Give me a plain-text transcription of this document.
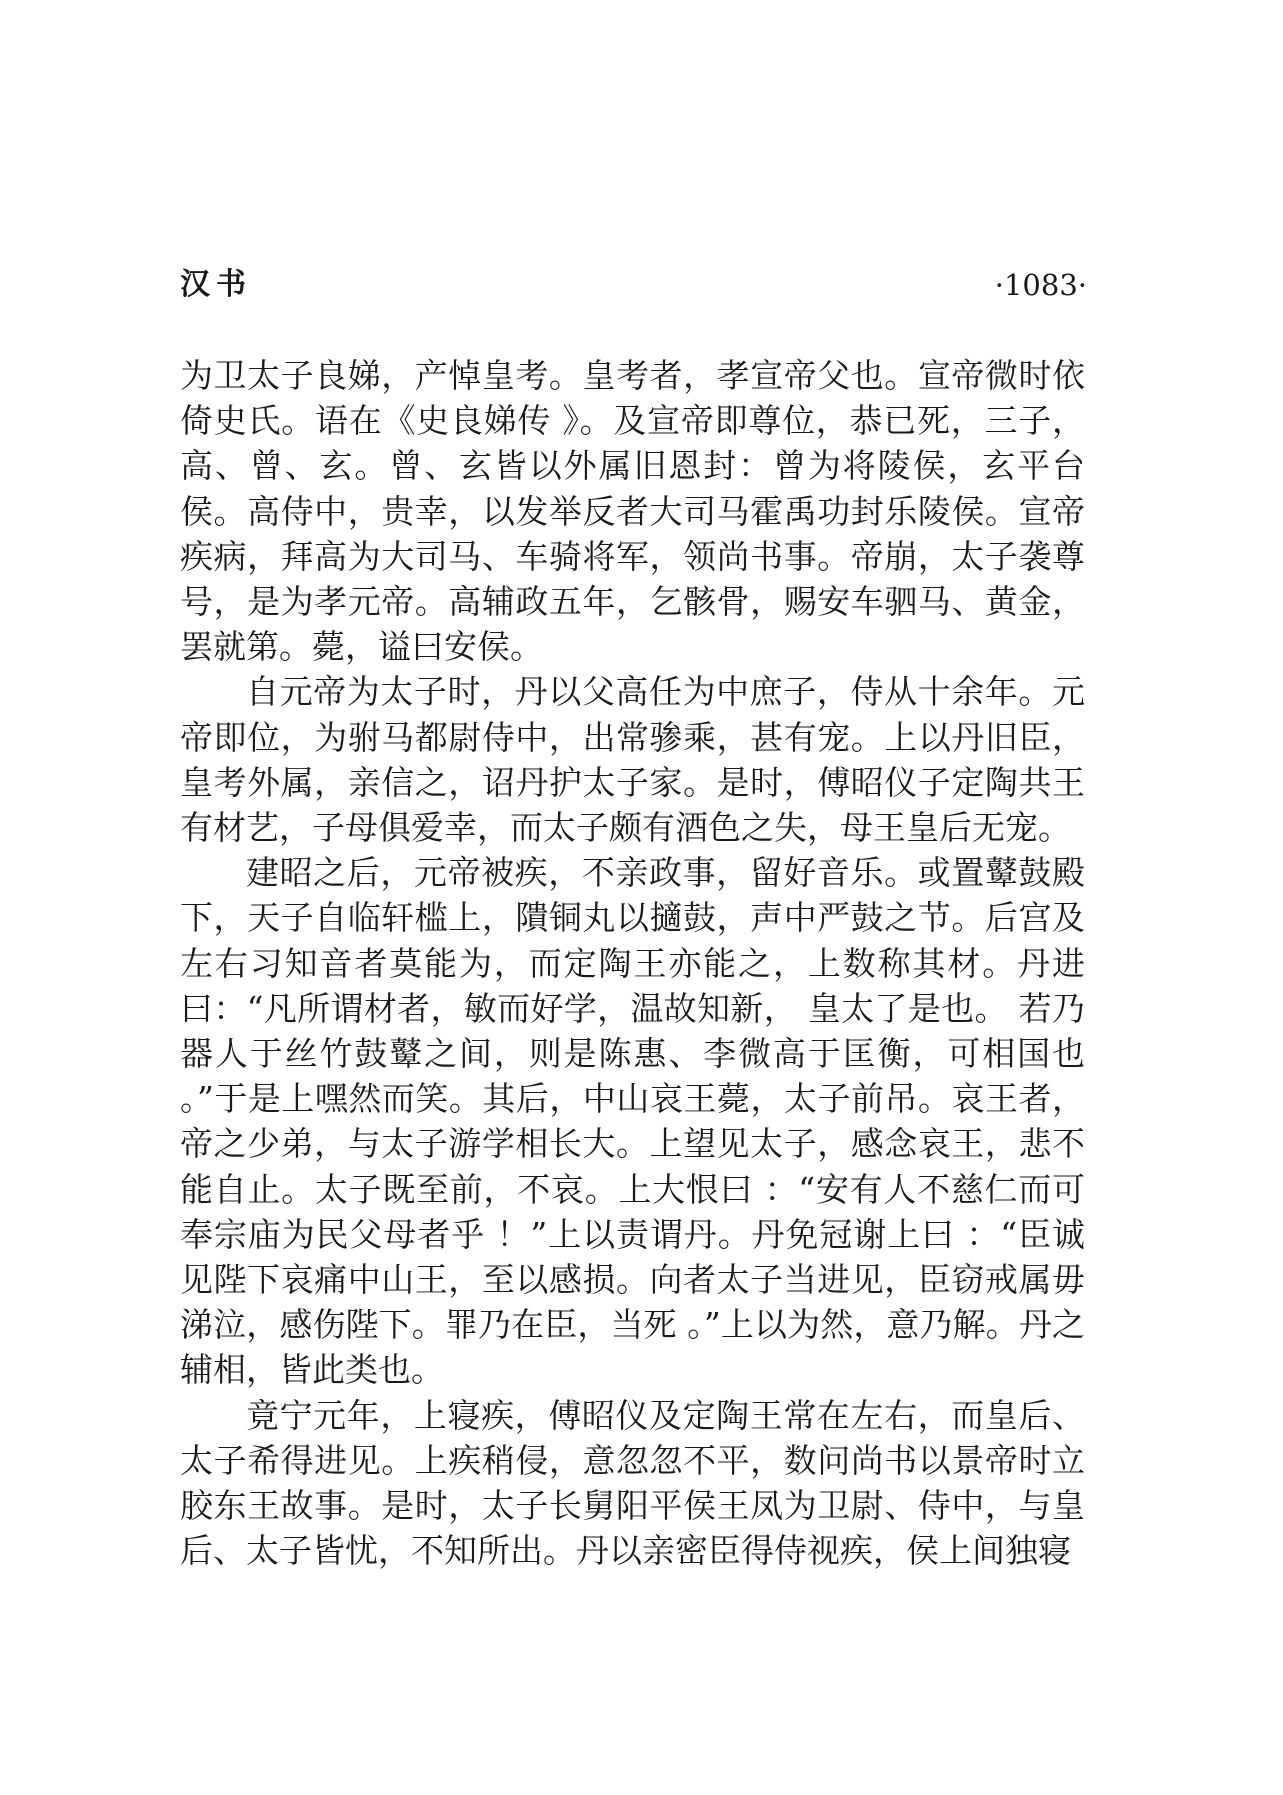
汉书	·1083·

为卫太子良娣，产悼皇考。皇考者，孝宣帝父也。宣帝微时依倚史氏。语在《史良娣传 》。及宣帝即尊位，恭已死，三子，高、曾、玄。曾、玄皆以外属旧恩封：曾为将陵侯，玄平台侯。高侍中，贵幸，以发举反者大司马霍禹功封乐陵侯。宣帝疾病，拜高为大司马、车骑将军，领尚书事。帝崩，太子袭尊号，是为孝元帝。高辅政五年，乞骸骨，赐安车驷马、黄金，罢就第。薨，谥曰安侯。

自元帝为太子时，丹以父高任为中庶子，侍从十余年。元帝即位，为驸马都尉侍中，出常骖乘，甚有宠。上以丹旧臣，皇考外属，亲信之，诏丹护太子家。是时，傅昭仪子定陶共王有材艺，子母俱爱幸，而太子颇有酒色之失，母王皇后无宠。

建昭之后，元帝被疾，不亲政事，留好音乐。或置鼙鼓殿下，天子自临轩槛上，隤铜丸以擿鼓，声中严鼓之节。后宫及左右习知音者莫能为，而定陶王亦能之，上数称其材。丹进曰：“凡所谓材者，敏而好学，温故知新， 皇太了是也。 若乃器人于丝竹鼓鼙之间，则是陈惠、李微高于匡衡，可相国也 。”于是上嘿然而笑。其后，中山哀王薨，太子前吊。哀王者，帝之少弟，与太子游学相长大。上望见太子，感念哀王，悲不能自止。太子既至前，不哀。上大恨曰 ：“安有人不慈仁而可奉宗庙为民父母者乎 ！”上以责谓丹。丹免冠谢上曰 ：“臣诚见陛下哀痛中山王，至以感损。向者太子当进见，臣窃戒属毋涕泣，感伤陛下。罪乃在臣，当死 。”上以为然，意乃解。丹之辅相，皆此类也。

竟宁元年，上寝疾，傅昭仪及定陶王常在左右，而皇后、太子希得进见。上疾稍侵，意忽忽不平，数问尚书以景帝时立胶东王故事。是时，太子长舅阳平侯王凤为卫尉、侍中，与皇后、太子皆忧，不知所出。丹以亲密臣得侍视疾，侯上间独寝
